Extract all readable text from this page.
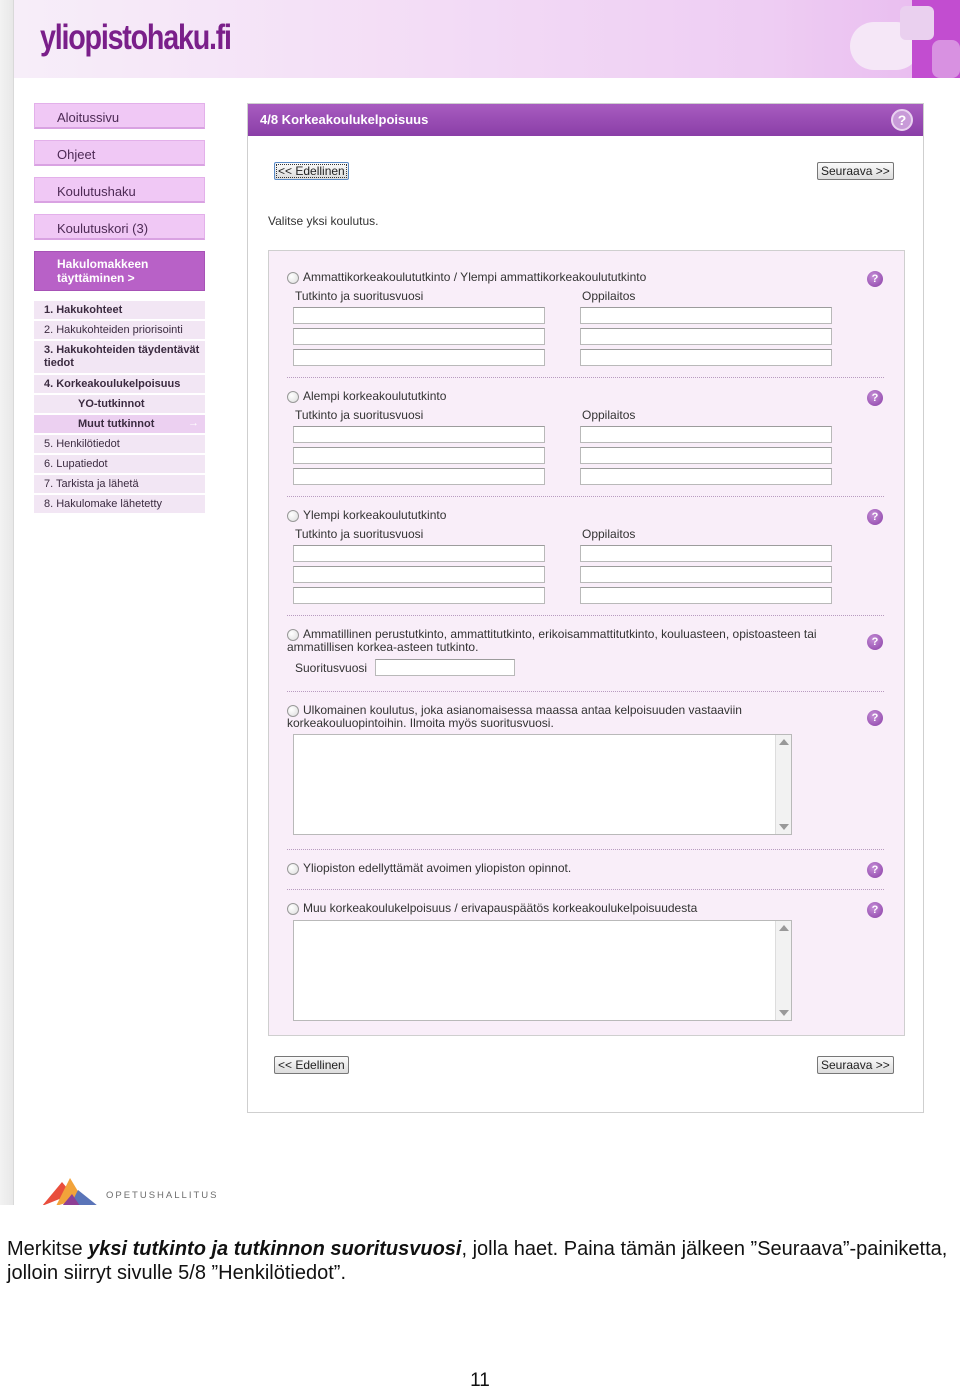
yliopistohaku.fi
Aloitussivu
Ohjeet
Koulutushaku
Koulutuskori (3)
Hakulomakkeen täyttäminen >
1. Hakukohteet
2. Hakukohteiden priorisointi
3. Hakukohteiden täydentävät tiedot
4. Korkeakoulukelpoisuus
YO-tutkinnot
Muut tutkinnot	→
5. Henkilötiedot
6. Lupatiedot
7. Tarkista ja lähetä
8. Hakulomake lähetetty
4/8 Korkeakoulukelpoisuus	?
<< Edellinen	Seuraava >>
Valitse yksi koulutus.
Ammattikorkeakoulututkinto / Ylempi ammattikorkeakoulututkinto	?
Tutkinto ja suoritusvuosi	Oppilaitos
Alempi korkeakoulututkinto	?
Tutkinto ja suoritusvuosi	Oppilaitos
Ylempi korkeakoulututkinto	?
Tutkinto ja suoritusvuosi	Oppilaitos
Ammatillinen perustutkinto, ammattitutkinto, erikoisammattitutkinto, kouluasteen, opistoasteen tai ammatillisen korkea-asteen tutkinto.	?
Suoritusvuosi
Ulkomainen koulutus, joka asianomaisessa maassa antaa kelpoisuuden vastaaviin korkeakouluopintoihin. Ilmoita myös suoritusvuosi.	?
Yliopiston edellyttämät avoimen yliopiston opinnot.	?
Muu korkeakoulukelpoisuus / erivapauspäätös korkeakoulukelpoisuudesta	?
<< Edellinen	Seuraava >>
OPETUSHALLITUS
Merkitse yksi tutkinto ja tutkinnon suoritusvuosi, jolla haet. Paina tämän jälkeen ”Seuraava”-painiketta, jolloin siirryt sivulle 5/8 ”Henkilötiedot”.
11
